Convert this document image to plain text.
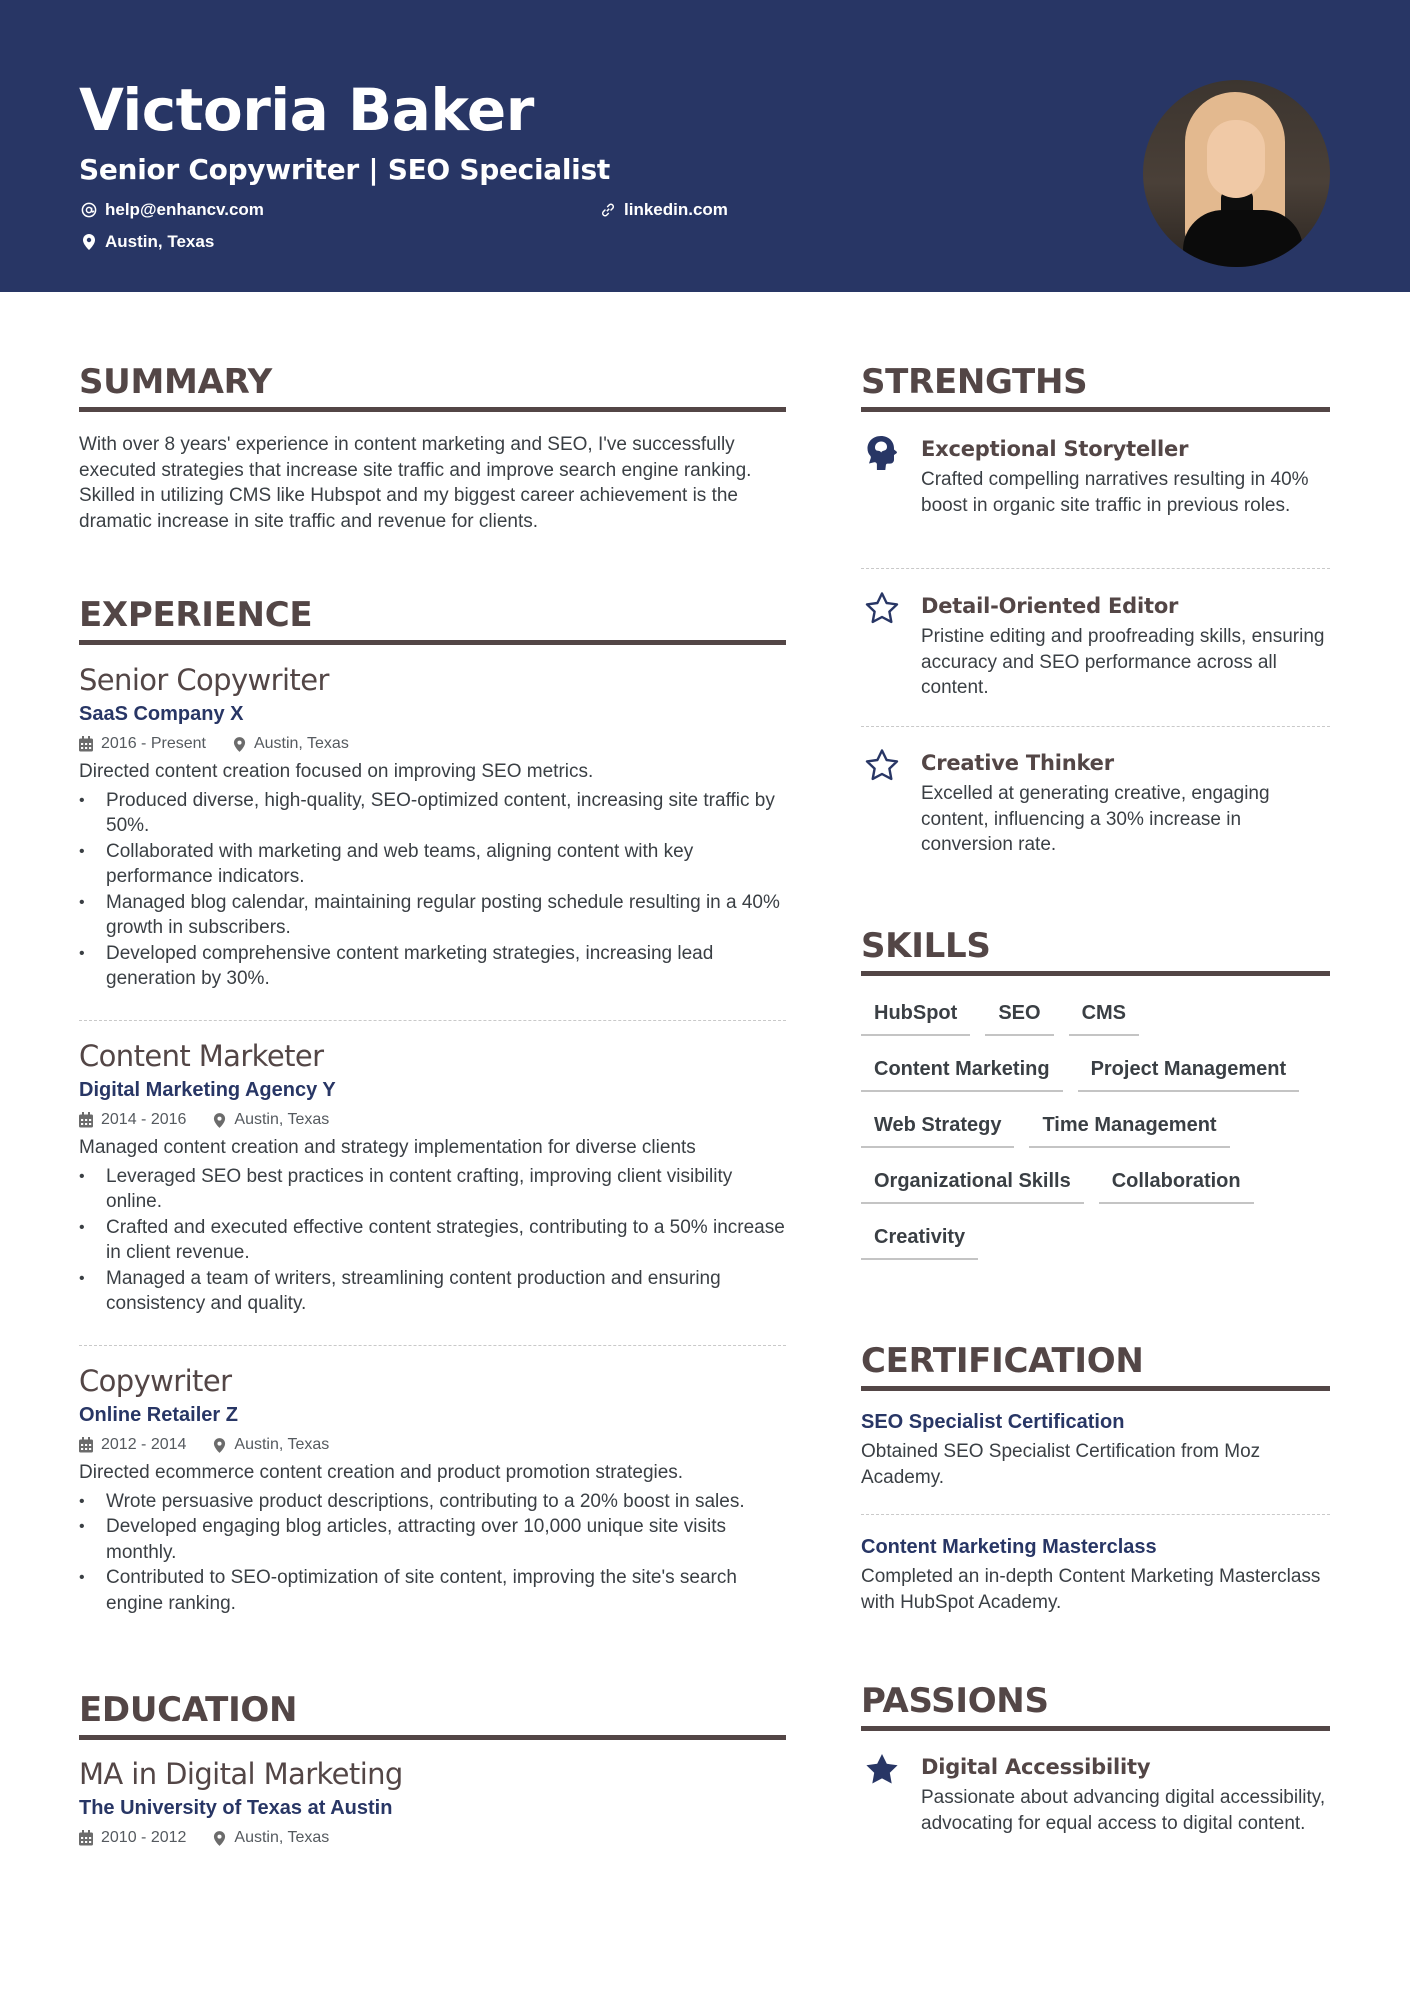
Victoria Baker
Senior Copywriter | SEO Specialist
help@enhancv.com	linkedin.com
Austin, Texas
SUMMARY
With over 8 years' experience in content marketing and SEO, I've successfully executed strategies that increase site traffic and improve search engine ranking. Skilled in utilizing CMS like Hubspot and my biggest career achievement is the dramatic increase in site traffic and revenue for clients.
EXPERIENCE
Senior Copywriter
SaaS Company X
2016 - Present	Austin, Texas
Directed content creation focused on improving SEO metrics.
• Produced diverse, high-quality, SEO-optimized content, increasing site traffic by 50%.
• Collaborated with marketing and web teams, aligning content with key performance indicators.
• Managed blog calendar, maintaining regular posting schedule resulting in a 40% growth in subscribers.
• Developed comprehensive content marketing strategies, increasing lead generation by 30%.
Content Marketer
Digital Marketing Agency Y
2014 - 2016	Austin, Texas
Managed content creation and strategy implementation for diverse clients
• Leveraged SEO best practices in content crafting, improving client visibility online.
• Crafted and executed effective content strategies, contributing to a 50% increase in client revenue.
• Managed a team of writers, streamlining content production and ensuring consistency and quality.
Copywriter
Online Retailer Z
2012 - 2014	Austin, Texas
Directed ecommerce content creation and product promotion strategies.
• Wrote persuasive product descriptions, contributing to a 20% boost in sales.
• Developed engaging blog articles, attracting over 10,000 unique site visits monthly.
• Contributed to SEO-optimization of site content, improving the site's search engine ranking.
EDUCATION
MA in Digital Marketing
The University of Texas at Austin
2010 - 2012	Austin, Texas
STRENGTHS
Exceptional Storyteller
Crafted compelling narratives resulting in 40% boost in organic site traffic in previous roles.
Detail-Oriented Editor
Pristine editing and proofreading skills, ensuring accuracy and SEO performance across all content.
Creative Thinker
Excelled at generating creative, engaging content, influencing a 30% increase in conversion rate.
SKILLS
HubSpot	SEO	CMS
Content Marketing	Project Management
Web Strategy	Time Management
Organizational Skills	Collaboration
Creativity
CERTIFICATION
SEO Specialist Certification
Obtained SEO Specialist Certification from Moz Academy.
Content Marketing Masterclass
Completed an in-depth Content Marketing Masterclass with HubSpot Academy.
PASSIONS
Digital Accessibility
Passionate about advancing digital accessibility, advocating for equal access to digital content.
